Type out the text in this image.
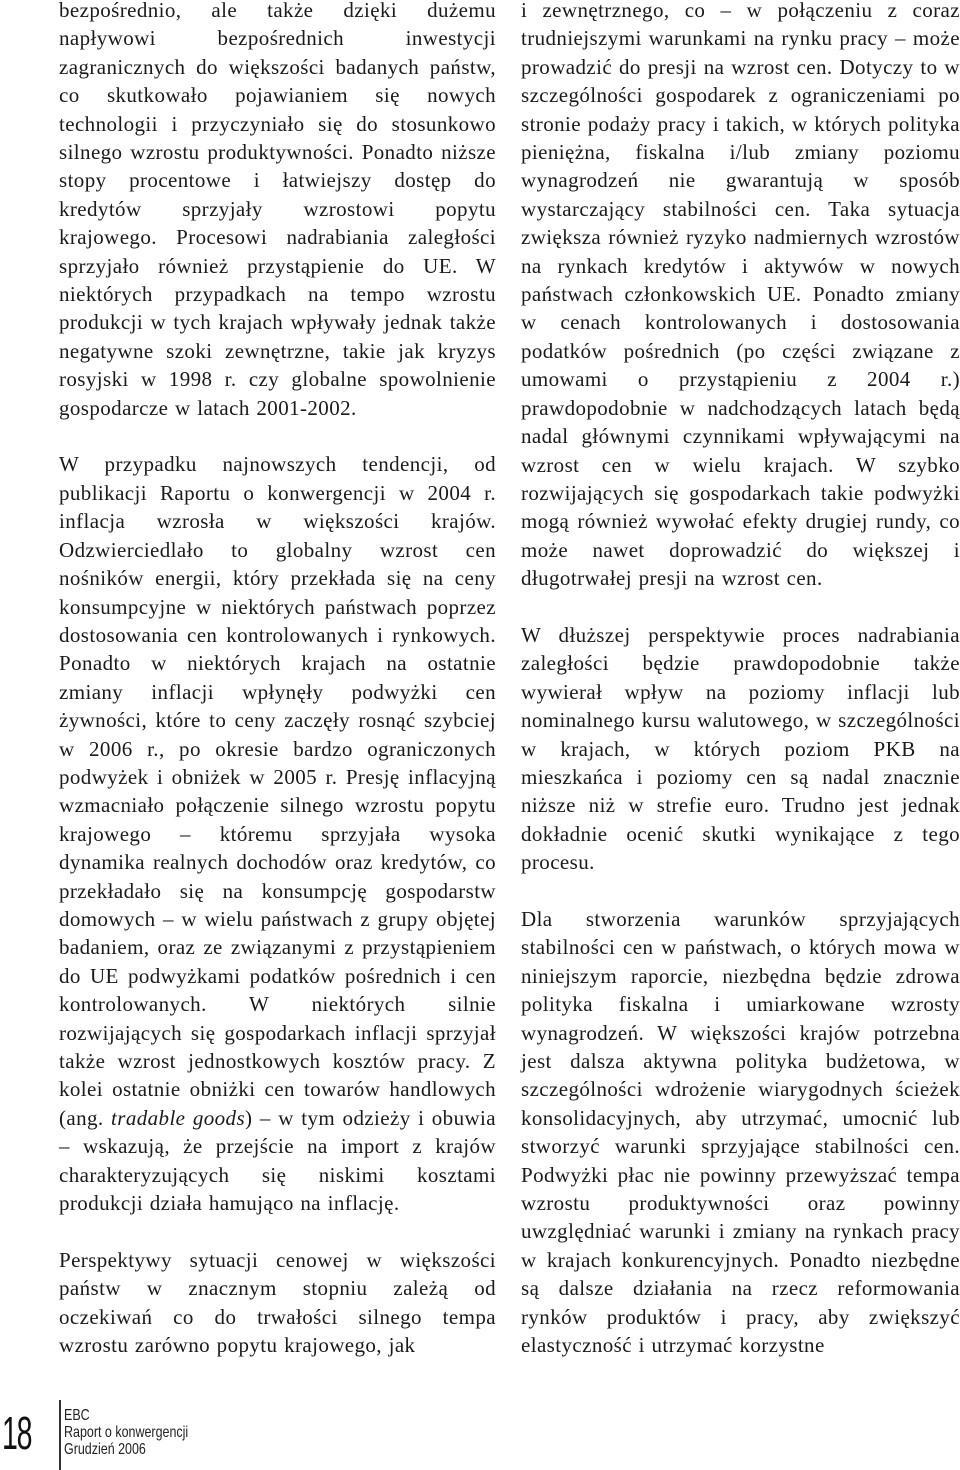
bezpośrednio, ale także dzięki dużemu napływowi bezpośrednich inwestycji zagranicznych do większości badanych państw, co skutkowało pojawianiem się nowych technologii i przyczyniało się do stosunkowo silnego wzrostu produktywności. Ponadto niższe stopy procentowe i łatwiejszy dostęp do kredytów sprzyjały wzrostowi popytu krajowego. Procesowi nadrabiania zaległości sprzyjało również przystąpienie do UE. W niektórych przypadkach na tempo wzrostu produkcji w tych krajach wpływały jednak także negatywne szoki zewnętrzne, takie jak kryzys rosyjski w 1998 r. czy globalne spowolnienie gospodarcze w latach 2001-2002.

W przypadku najnowszych tendencji, od publikacji Raportu o konwergencji w 2004 r. inflacja wzrosła w większości krajów. Odzwierciedlało to globalny wzrost cen nośników energii, który przekłada się na ceny konsumpcyjne w niektórych państwach poprzez dostosowania cen kontrolowanych i rynkowych. Ponadto w niektórych krajach na ostatnie zmiany inflacji wpłynęły podwyżki cen żywności, które to ceny zaczęły rosnąć szybciej w 2006 r., po okresie bardzo ograniczonych podwyżek i obniżek w 2005 r. Presję inflacyjną wzmacniało połączenie silnego wzrostu popytu krajowego – któremu sprzyjała wysoka dynamika realnych dochodów oraz kredytów, co przekładało się na konsumpcję gospodarstw domowych – w wielu państwach z grupy objętej badaniem, oraz ze związanymi z przystąpieniem do UE podwyżkami podatków pośrednich i cen kontrolowanych. W niektórych silnie rozwijających się gospodarkach inflacji sprzyjał także wzrost jednostkowych kosztów pracy. Z kolei ostatnie obniżki cen towarów handlowych (ang. tradable goods) – w tym odzieży i obuwia – wskazują, że przejście na import z krajów charakteryzujących się niskimi kosztami produkcji działa hamująco na inflację.

Perspektywy sytuacji cenowej w większości państw w znacznym stopniu zależą od oczekiwań co do trwałości silnego tempa wzrostu zarówno popytu krajowego, jak

i zewnętrznego, co – w połączeniu z coraz trudniejszymi warunkami na rynku pracy – może prowadzić do presji na wzrost cen. Dotyczy to w szczególności gospodarek z ograniczeniami po stronie podaży pracy i takich, w których polityka pieniężna, fiskalna i/lub zmiany poziomu wynagrodzeń nie gwarantują w sposób wystarczający stabilności cen. Taka sytuacja zwiększa również ryzyko nadmiernych wzrostów na rynkach kredytów i aktywów w nowych państwach członkowskich UE. Ponadto zmiany w cenach kontrolowanych i dostosowania podatków pośrednich (po części związane z umowami o przystąpieniu z 2004 r.) prawdopodobnie w nadchodzących latach będą nadal głównymi czynnikami wpływającymi na wzrost cen w wielu krajach. W szybko rozwijających się gospodarkach takie podwyżki mogą również wywołać efekty drugiej rundy, co może nawet doprowadzić do większej i długotrwałej presji na wzrost cen.

W dłuższej perspektywie proces nadrabiania zaległości będzie prawdopodobnie także wywierał wpływ na poziomy inflacji lub nominalnego kursu walutowego, w szczególności w krajach, w których poziom PKB na mieszkańca i poziomy cen są nadal znacznie niższe niż w strefie euro. Trudno jest jednak dokładnie ocenić skutki wynikające z tego procesu.

Dla stworzenia warunków sprzyjających stabilności cen w państwach, o których mowa w niniejszym raporcie, niezbędna będzie zdrowa polityka fiskalna i umiarkowane wzrosty wynagrodzeń. W większości krajów potrzebna jest dalsza aktywna polityka budżetowa, w szczególności wdrożenie wiarygodnych ścieżek konsolidacyjnych, aby utrzymać, umocnić lub stworzyć warunki sprzyjające stabilności cen. Podwyżki płac nie powinny przewyższać tempa wzrostu produktywności oraz powinny uwzględniać warunki i zmiany na rynkach pracy w krajach konkurencyjnych. Ponadto niezbędne są dalsze działania na rzecz reformowania rynków produktów i pracy, aby zwiększyć elastyczność i utrzymać korzystne

18 EBC
Raport o konwergencji
Grudzień 2006
